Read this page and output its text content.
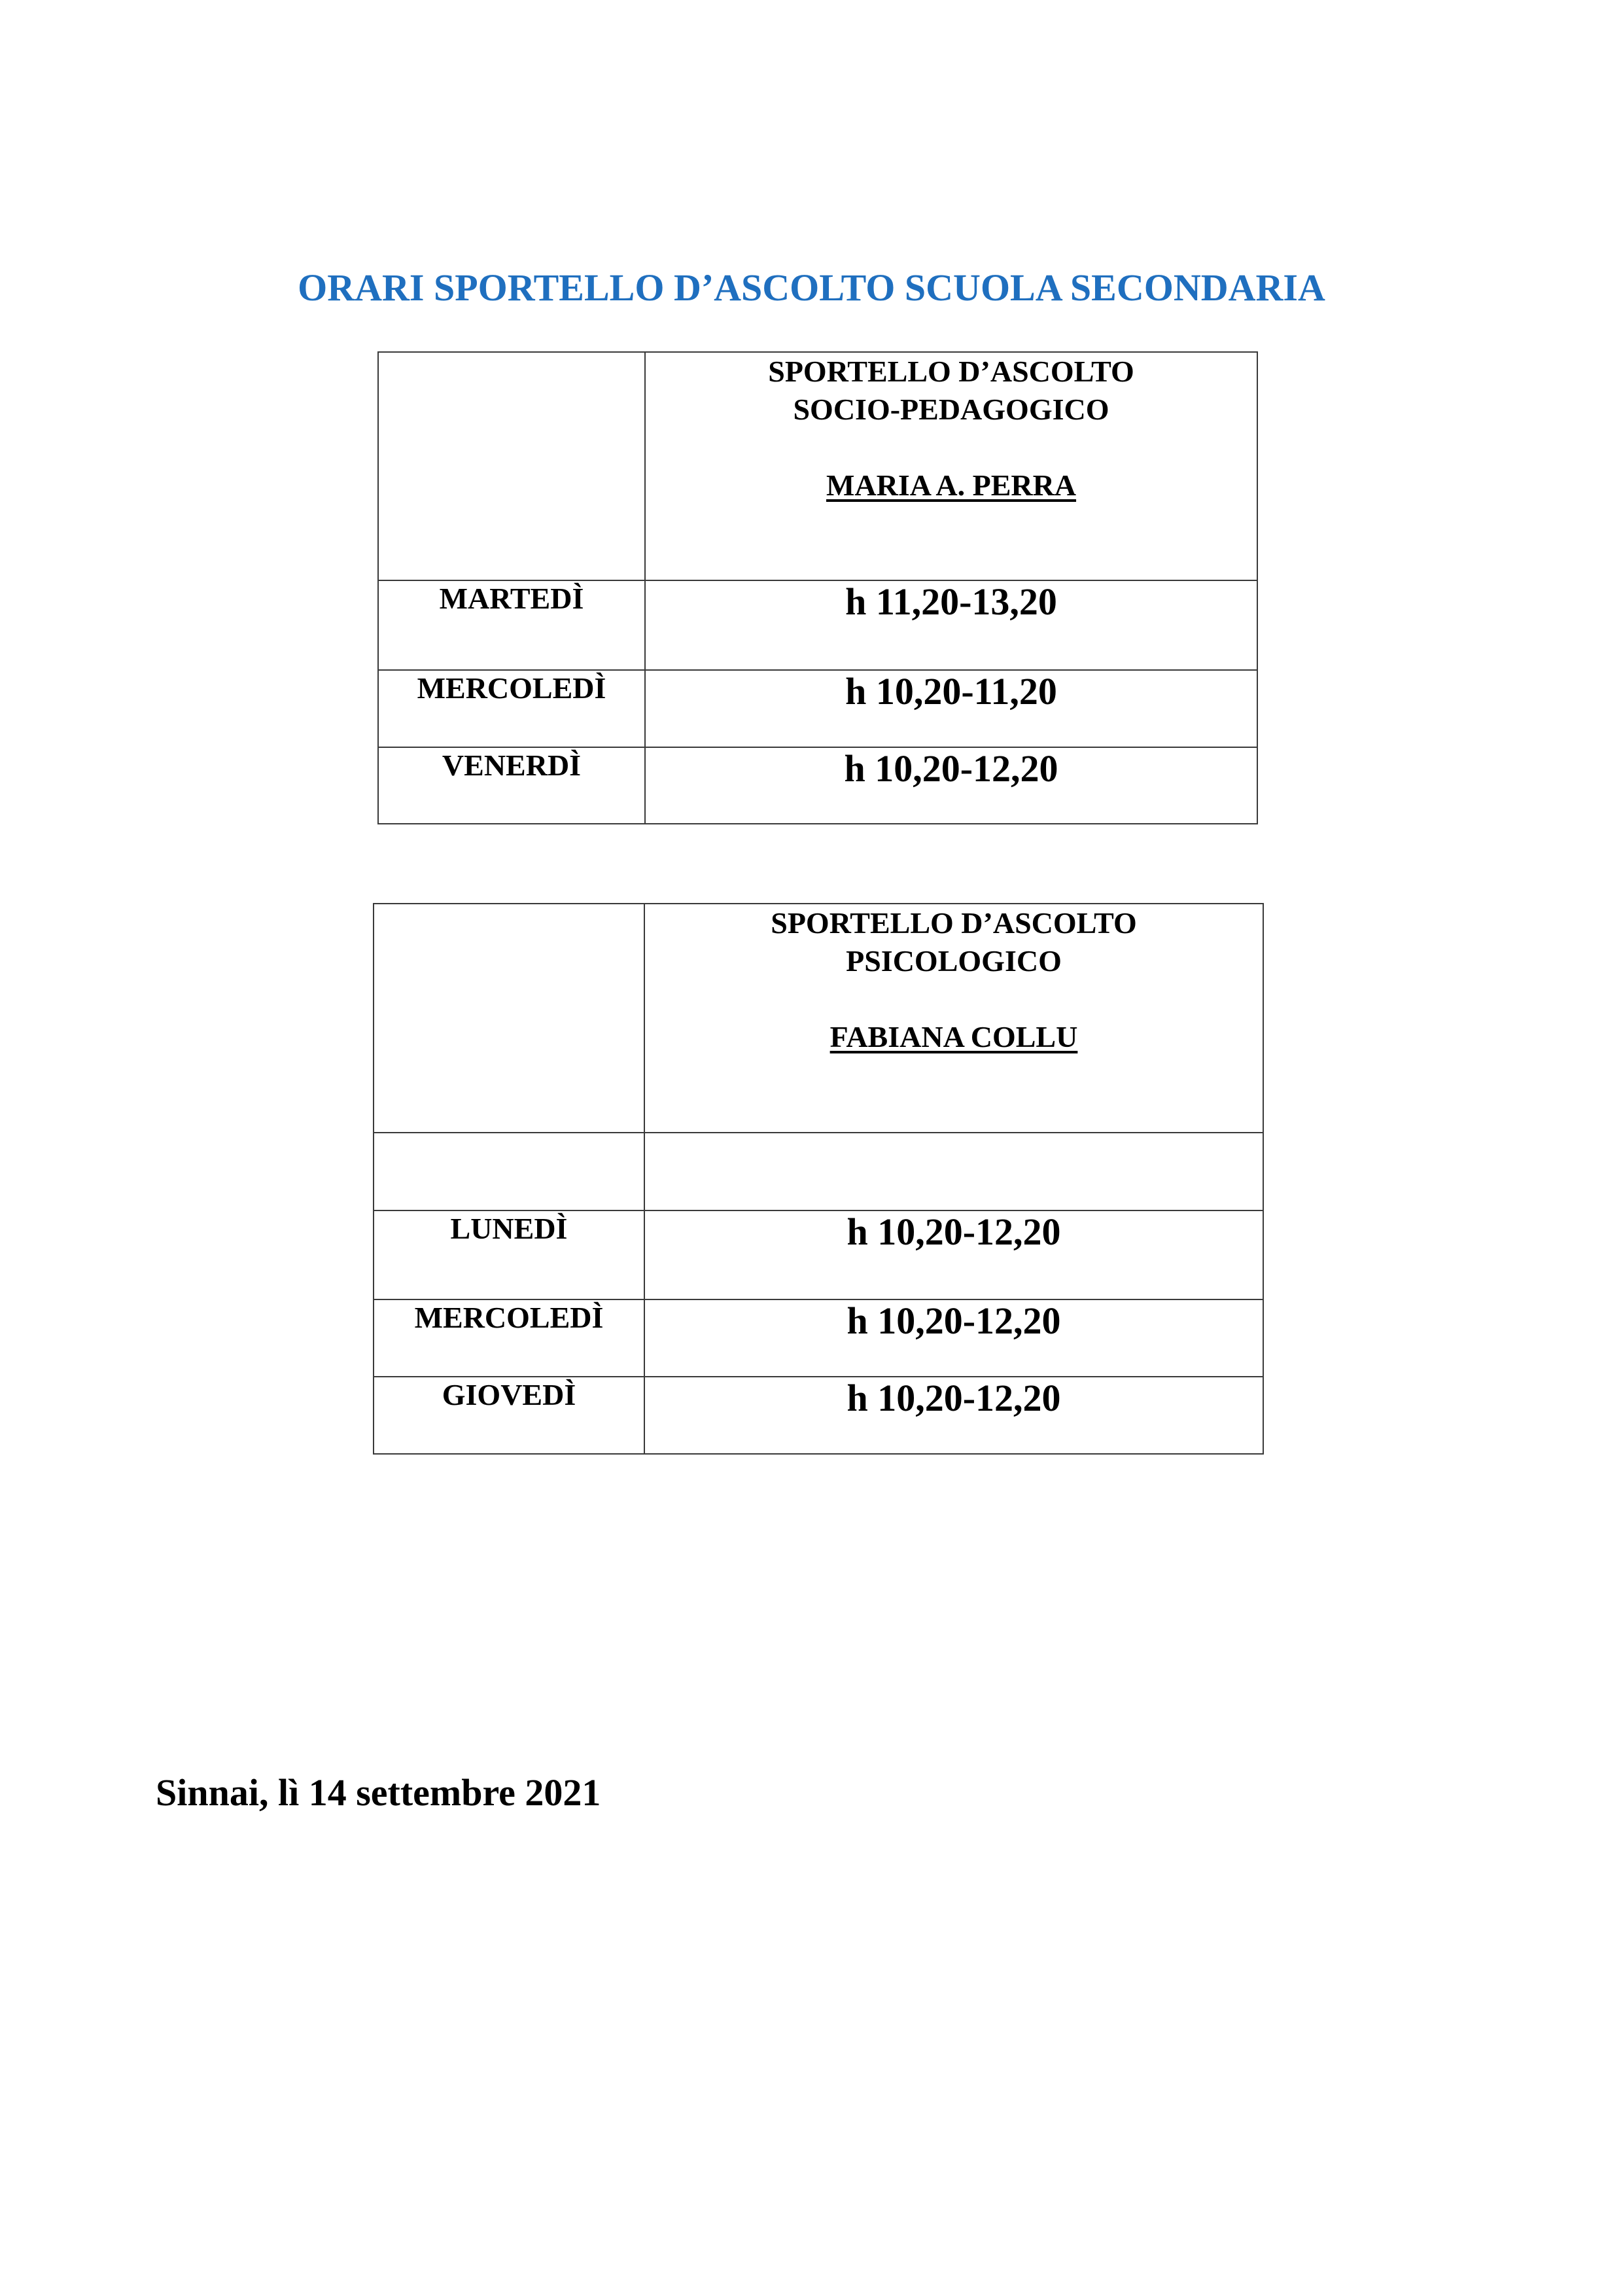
ORARI SPORTELLO D’ASCOLTO SCUOLA SECONDARIA

	SPORTELLO D’ASCOLTO
SOCIO-PEDAGOGICO
MARIA A. PERRA

MARTEDÌ	h 11,20-13,20
MERCOLEDÌ	h 10,20-11,20
VENERDÌ	h 10,20-12,20

	SPORTELLO D’ASCOLTO
PSICOLOGICO
FABIANA COLLU

LUNEDÌ	h 10,20-12,20
MERCOLEDÌ	h 10,20-12,20
GIOVEDÌ	h 10,20-12,20

Sinnai, lì 14 settembre 2021
